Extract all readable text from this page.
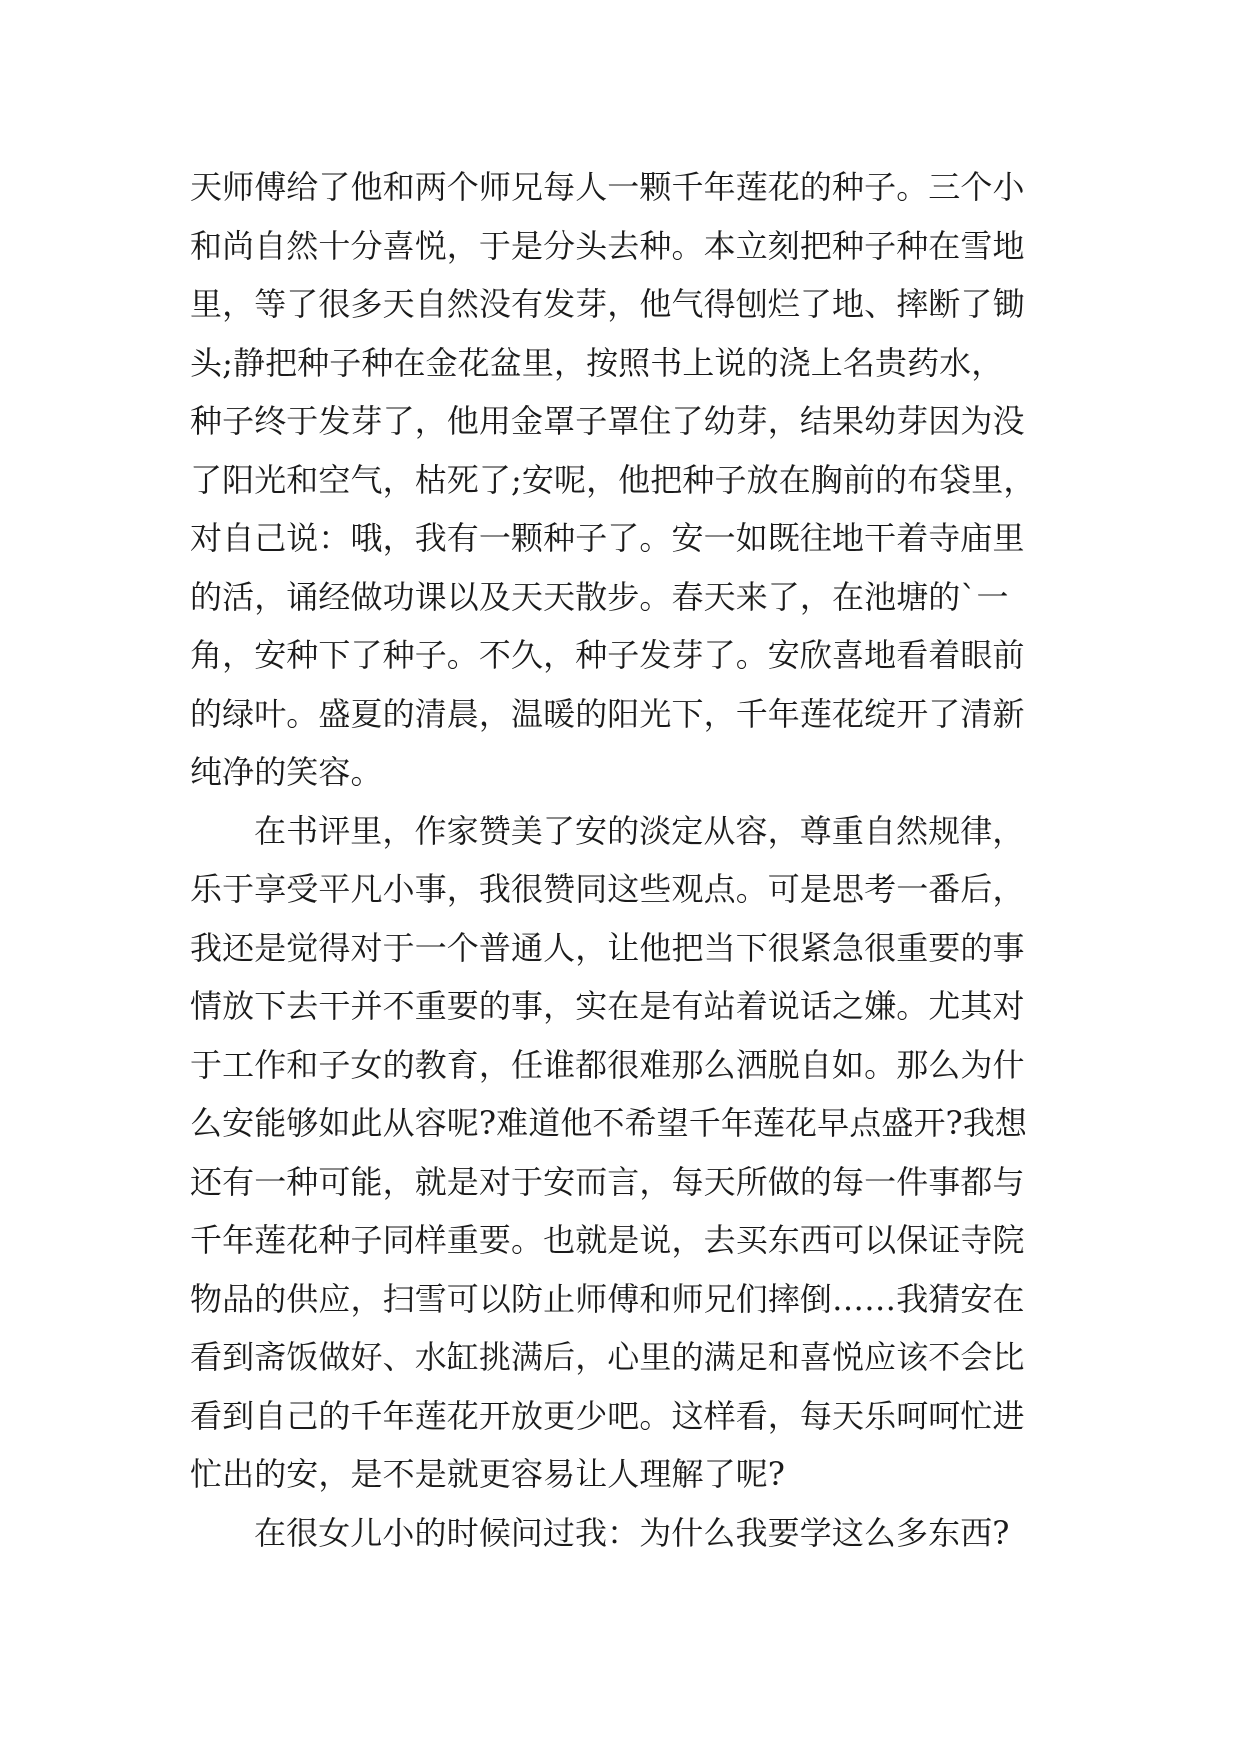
天师傅给了他和两个师兄每人一颗千年莲花的种子。三个小
和尚自然十分喜悦，于是分头去种。本立刻把种子种在雪地
里，等了很多天自然没有发芽，他气得刨烂了地、摔断了锄
头;静把种子种在金花盆里，按照书上说的浇上名贵药水，
种子终于发芽了，他用金罩子罩住了幼芽，结果幼芽因为没
了阳光和空气，枯死了;安呢，他把种子放在胸前的布袋里，
对自己说：哦，我有一颗种子了。安一如既往地干着寺庙里
的活，诵经做功课以及天天散步。春天来了，在池塘的`一
角，安种下了种子。不久，种子发芽了。安欣喜地看着眼前
的绿叶。盛夏的清晨，温暖的阳光下，千年莲花绽开了清新
纯净的笑容。
在书评里，作家赞美了安的淡定从容，尊重自然规律，
乐于享受平凡小事，我很赞同这些观点。可是思考一番后，
我还是觉得对于一个普通人，让他把当下很紧急很重要的事
情放下去干并不重要的事，实在是有站着说话之嫌。尤其对
于工作和子女的教育，任谁都很难那么洒脱自如。那么为什
么安能够如此从容呢?难道他不希望千年莲花早点盛开?我想
还有一种可能，就是对于安而言，每天所做的每一件事都与
千年莲花种子同样重要。也就是说，去买东西可以保证寺院
物品的供应，扫雪可以防止师傅和师兄们摔倒……我猜安在
看到斋饭做好、水缸挑满后，心里的满足和喜悦应该不会比
看到自己的千年莲花开放更少吧。这样看，每天乐呵呵忙进
忙出的安，是不是就更容易让人理解了呢?
在很女儿小的时候问过我：为什么我要学这么多东西?
